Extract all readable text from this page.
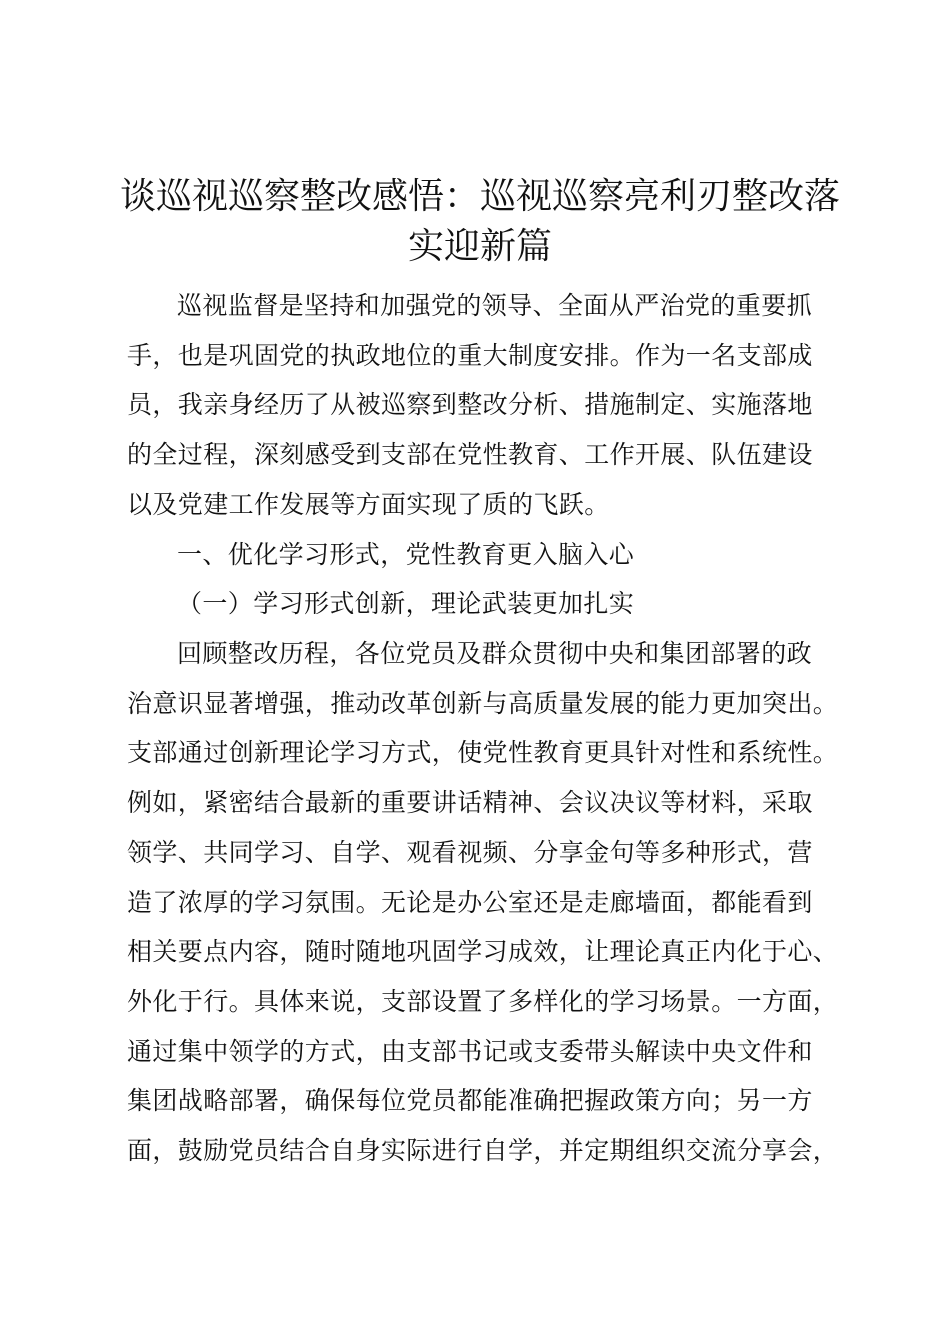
谈巡视巡察整改感悟：巡视巡察亮利刃整改落
实迎新篇
巡视监督是坚持和加强党的领导、全面从严治党的重要抓
手，也是巩固党的执政地位的重大制度安排。作为一名支部成
员，我亲身经历了从被巡察到整改分析、措施制定、实施落地
的全过程，深刻感受到支部在党性教育、工作开展、队伍建设
以及党建工作发展等方面实现了质的飞跃。
一、优化学习形式，党性教育更入脑入心
（一）学习形式创新，理论武装更加扎实
回顾整改历程，各位党员及群众贯彻中央和集团部署的政
治意识显著增强，推动改革创新与高质量发展的能力更加突出。
支部通过创新理论学习方式，使党性教育更具针对性和系统性。
例如，紧密结合最新的重要讲话精神、会议决议等材料，采取
领学、共同学习、自学、观看视频、分享金句等多种形式，营
造了浓厚的学习氛围。无论是办公室还是走廊墙面，都能看到
相关要点内容，随时随地巩固学习成效，让理论真正内化于心、
外化于行。具体来说，支部设置了多样化的学习场景。一方面，
通过集中领学的方式，由支部书记或支委带头解读中央文件和
集团战略部署，确保每位党员都能准确把握政策方向；另一方
面，鼓励党员结合自身实际进行自学，并定期组织交流分享会，
